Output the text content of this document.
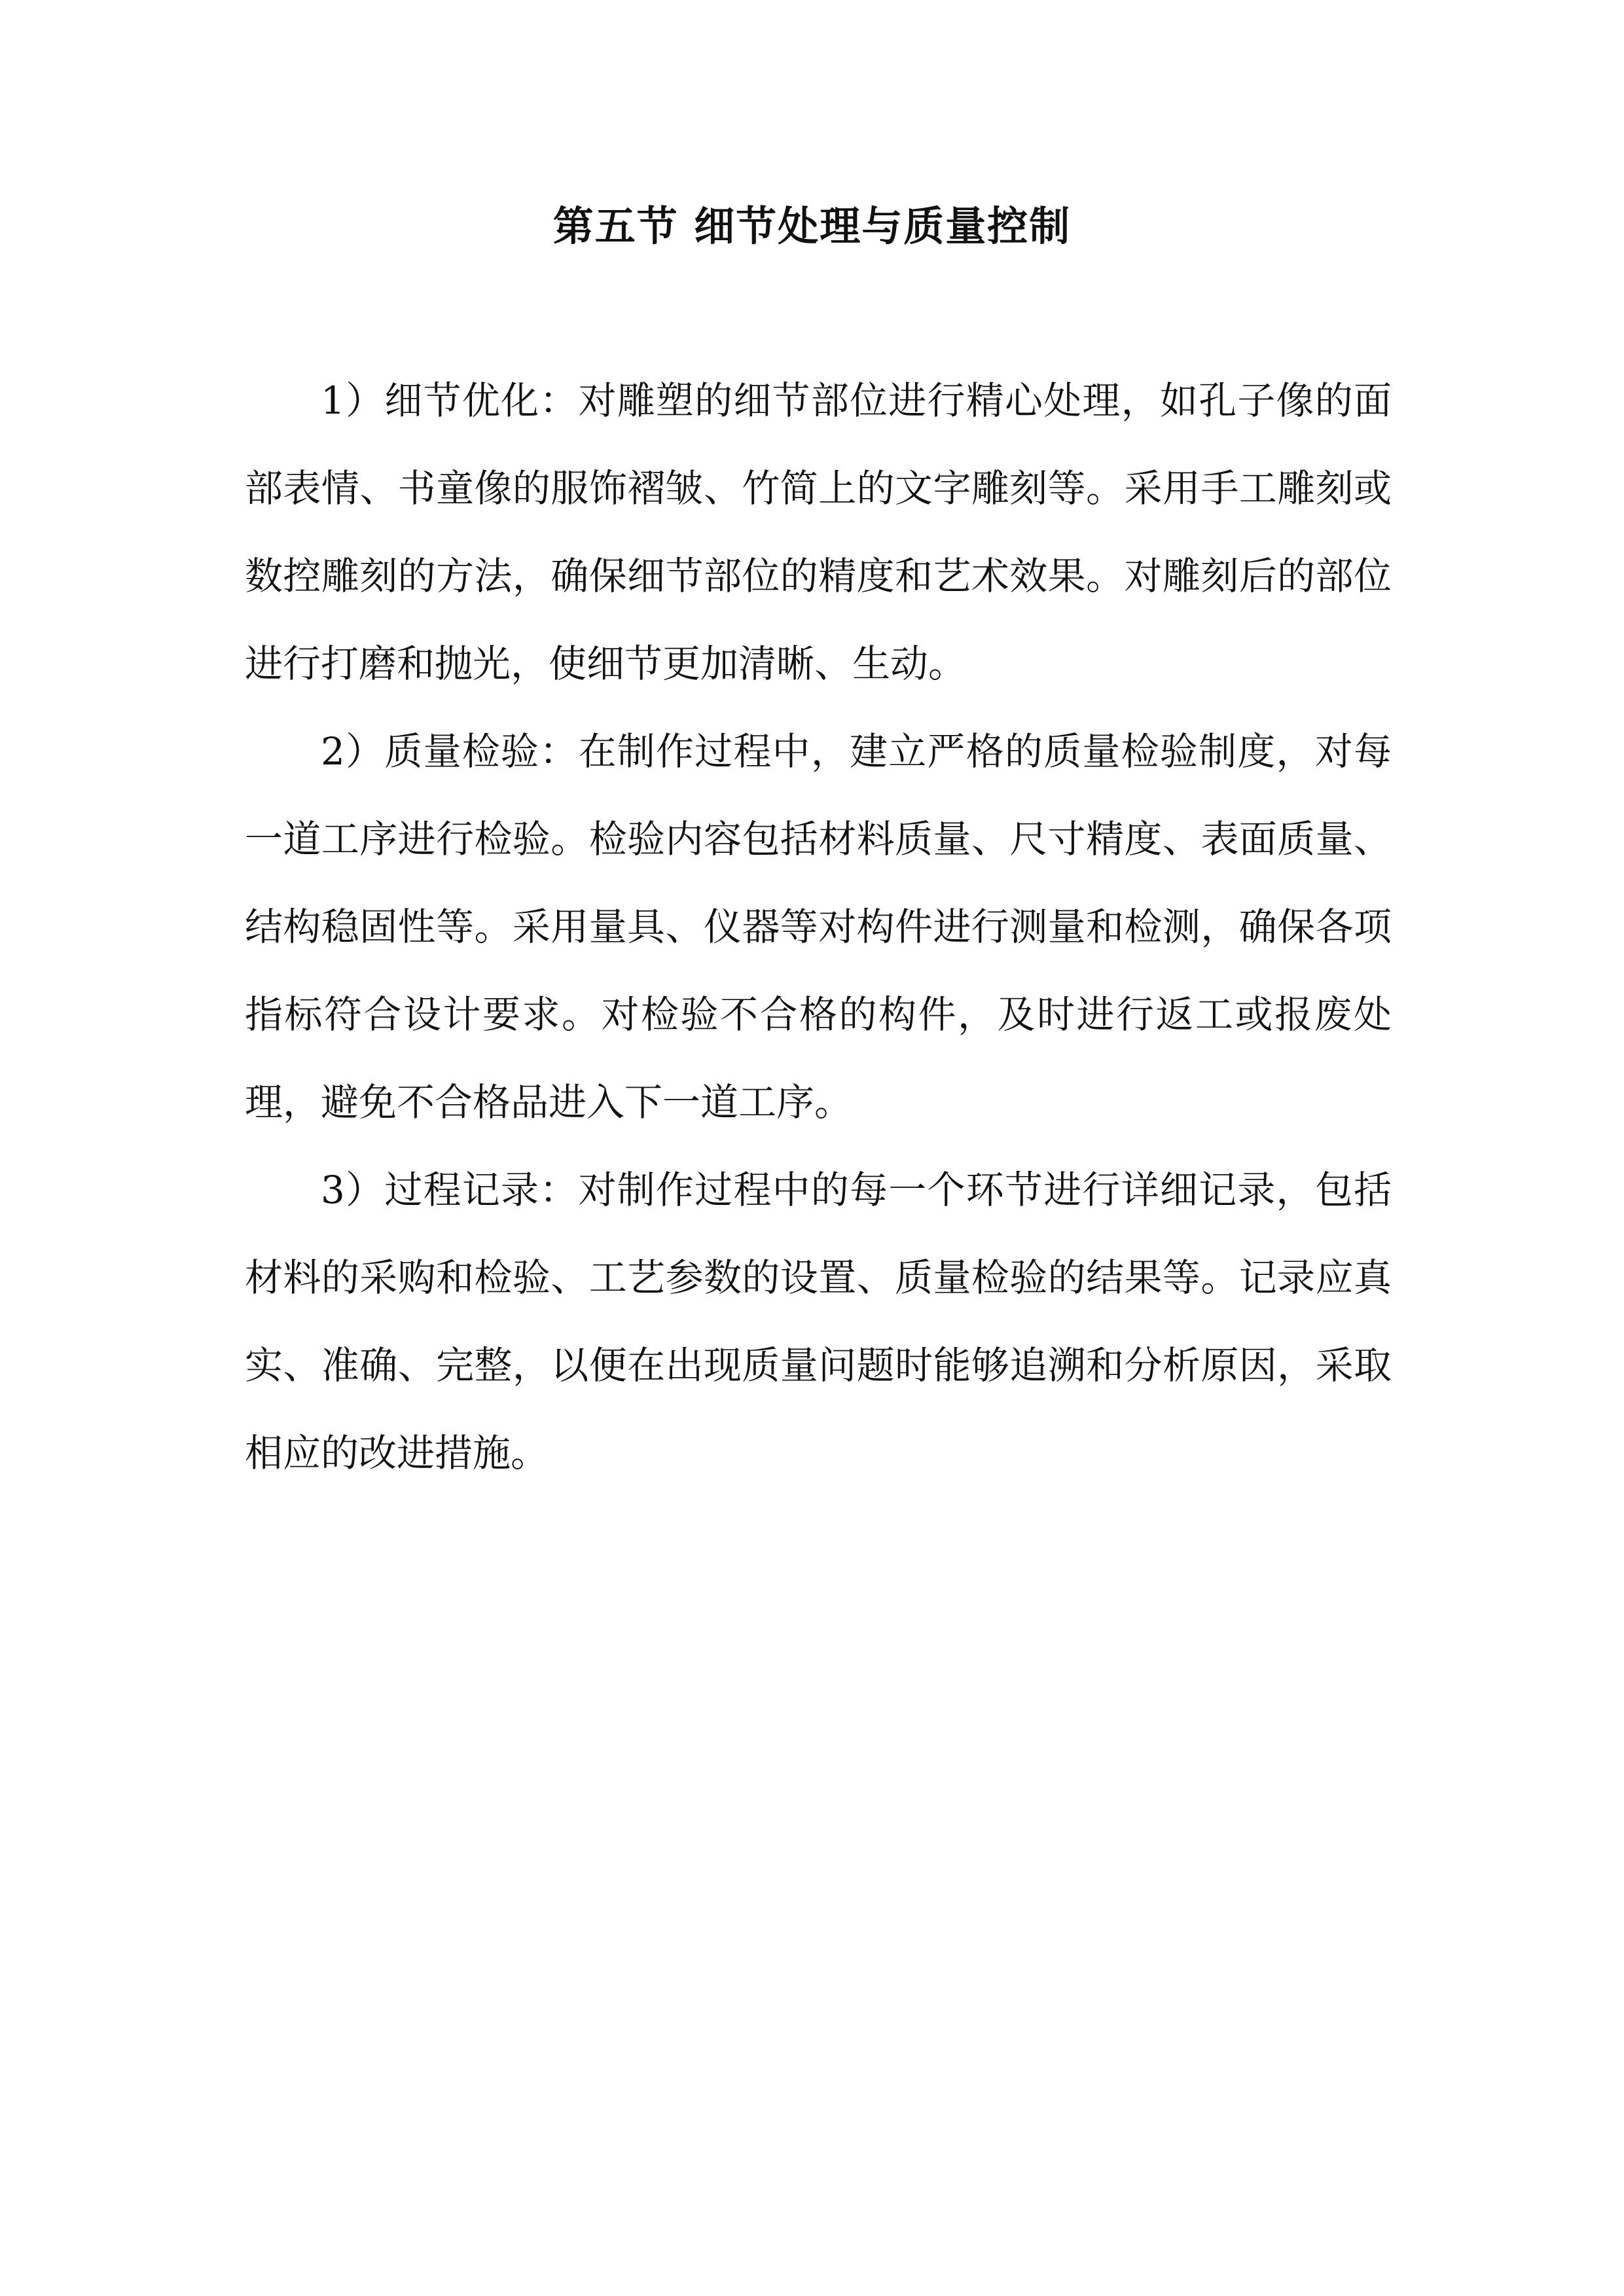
第五节 细节处理与质量控制

1）细节优化：对雕塑的细节部位进行精心处理，如孔子像的面部表情、书童像的服饰褶皱、竹简上的文字雕刻等。采用手工雕刻或数控雕刻的方法，确保细节部位的精度和艺术效果。对雕刻后的部位进行打磨和抛光，使细节更加清晰、生动。

2）质量检验：在制作过程中，建立严格的质量检验制度，对每一道工序进行检验。检验内容包括材料质量、尺寸精度、表面质量、结构稳固性等。采用量具、仪器等对构件进行测量和检测，确保各项指标符合设计要求。对检验不合格的构件，及时进行返工或报废处理，避免不合格品进入下一道工序。

3）过程记录：对制作过程中的每一个环节进行详细记录，包括材料的采购和检验、工艺参数的设置、质量检验的结果等。记录应真实、准确、完整，以便在出现质量问题时能够追溯和分析原因，采取相应的改进措施。
